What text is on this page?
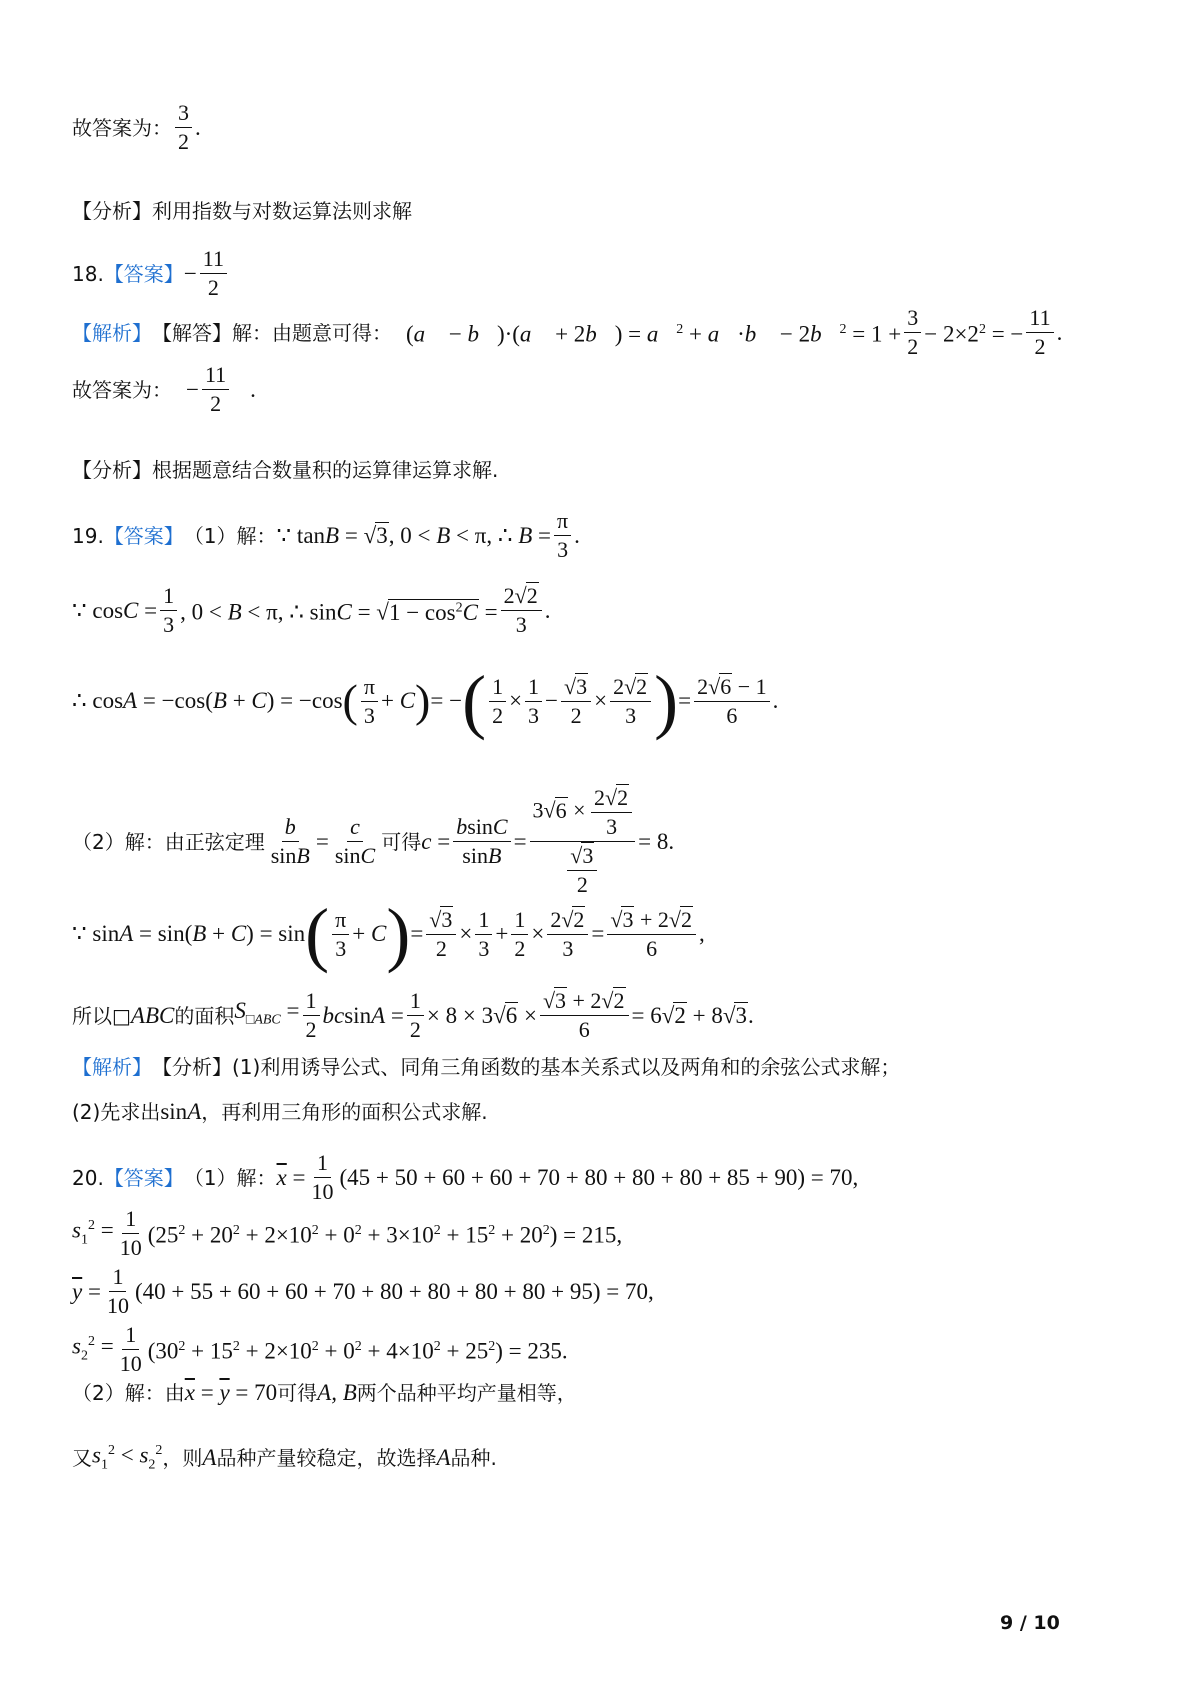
故答案为： $\frac{3}{2}$ .
【分析】利用指数与对数运算法则求解
18. 【答案】 − $\frac{11}{2}$
【解析】 【解答】解：由题意可得： (a⃗ − b⃗)·(a⃗ + 2b⃗) = a⃗$^2$ + a⃗·b⃗ − 2b⃗$^2$ = $1 + \frac{3}{2} - 2\times 2^2$ = − $\frac{11}{2}$ .
故答案为： − $\frac{11}{2}$ .
【分析】根据题意结合数量积的运算律运算求解.
19. 【答案】 （1）解： ∵ tanB = √3, 0 < B < π, ∴ $B = \frac{\pi}{3}$ .
∵ $\cos C = \frac{1}{3}$ , 0 < B < π, ∴ $\sin C = √1 - \cos^2C = \frac{2√2}{3}$ .
∴ cosA = −cos(B + C) = −cos ( $\frac{\pi}{3} + C$ ) = − ( $\frac{1}{2} \times \frac{1}{3} - \frac{√3}{2} \times \frac{2√2}{3}$ ) = $\frac{2√6 - 1}{6}$ .
（2）解：由正弦定理 $\frac{b}{\sin B} = \frac{c}{\sin C}$ 可得 $c = \frac{bsinC}{\sin B} = \frac{3√6 \times \frac{2√2}{3}}{\frac{√3}{2}} = 8$.
∵ sinA = sin(B + C) = sin ( $\frac{\pi}{3} + C$ ) = $\frac{√3}{2} \times \frac{1}{3} + \frac{1}{2} \times \frac{2√2}{3} = \frac{√3 + 2√2}{6}$ ,
所以□ ABC 的面积 $S_{□ABC} = \frac{1}{2}$ $bcsinA = \frac{1}{2} \times 8 \times 3√6 \times \frac{√3 + 2√2}{6} = 6√2 + 8√3$.
【解析】 【分析】(1)利用诱导公式、同角三角函数的基本关系式以及两角和的余弦公式求解；
(2)先求出 sinA ，再利用三角形的面积公式求解.
20. 【答案】 （1）解： $\overline{x} = \frac{1}{10} (45 + 50 + 60 + 60 + 70 + 80 + 80 + 80 + 85 + 90) = 70$,
$s_1^2 = \frac{1}{10} (25^2 + 20^2 + 2\times 10^2 + 0^2 + 3\times 10^2 + 15^2 + 20^2) = 215$,
$\overline{y} = \frac{1}{10} (40 + 55 + 60 + 60 + 70 + 80 + 80 + 80 + 80 + 95) = 70$,
$s_2^2 = \frac{1}{10} (30^2 + 15^2 + 2\times 10^2 + 0^2 + 4\times 10^2 + 25^2) = 235$.
（2）解：由 $\overline{x} = \overline{y} = 70$ 可得 A, B 两个品种平均产量相等，
又 $s_1^2 < s_2^2$ ，则 A 品种产量较稳定，故选择 A 品种.
9 / 10
